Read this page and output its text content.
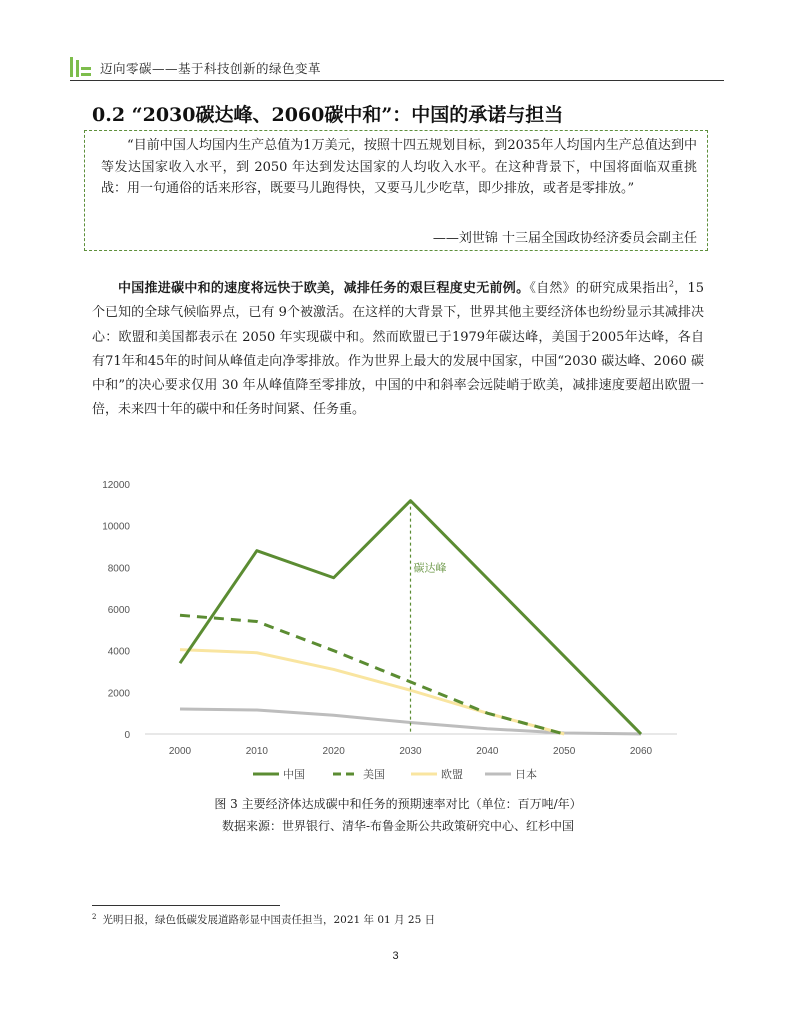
迈向零碳——基于科技创新的绿色变革
0.2 “2030碳达峰、2060碳中和”：中国的承诺与担当
“目前中国人均国内生产总值为1万美元，按照十四五规划目标，到2035年人均国内生产总值达到中等发达国家收入水平，到 2050 年达到发达国家的人均收入水平。在这种背景下，中国将面临双重挑战：用一句通俗的话来形容，既要马儿跑得快，又要马儿少吃草，即少排放，或者是零排放。”
——刘世锦 十三届全国政协经济委员会副主任

中国推进碳中和的速度将远快于欧美，减排任务的艰巨程度史无前例。《自然》的研究成果指出$^2$，15个已知的全球气候临界点，已有 9个被激活。在这样的大背景下，世界其他主要经济体也纷纷显示其减排决心：欧盟和美国都表示在 2050 年实现碳中和。然而欧盟已于1979年碳达峰，美国于2005年达峰，各自有71年和45年的时间从峰值走向净零排放。作为世界上最大的发展中国家，中国“2030 碳达峰、2060 碳中和”的决心要求仅用 30 年从峰值降至零排放，中国的中和斜率会远陡峭于欧美，减排速度要超出欧盟一倍，未来四十年的碳中和任务时间紧、任务重。

0
2000
4000
6000
8000
10000
12000
2000	2010	2020	2030	2040	2050	2060
碳达峰
中国	美国	欧盟	日本
图 3 主要经济体达成碳中和任务的预期速率对比（单位：百万吨/年）
数据来源：世界银行、清华-布鲁金斯公共政策研究中心、红杉中国
$^2$ 光明日报，绿色低碳发展道路彰显中国责任担当，2021 年 01 月 25 日
3
